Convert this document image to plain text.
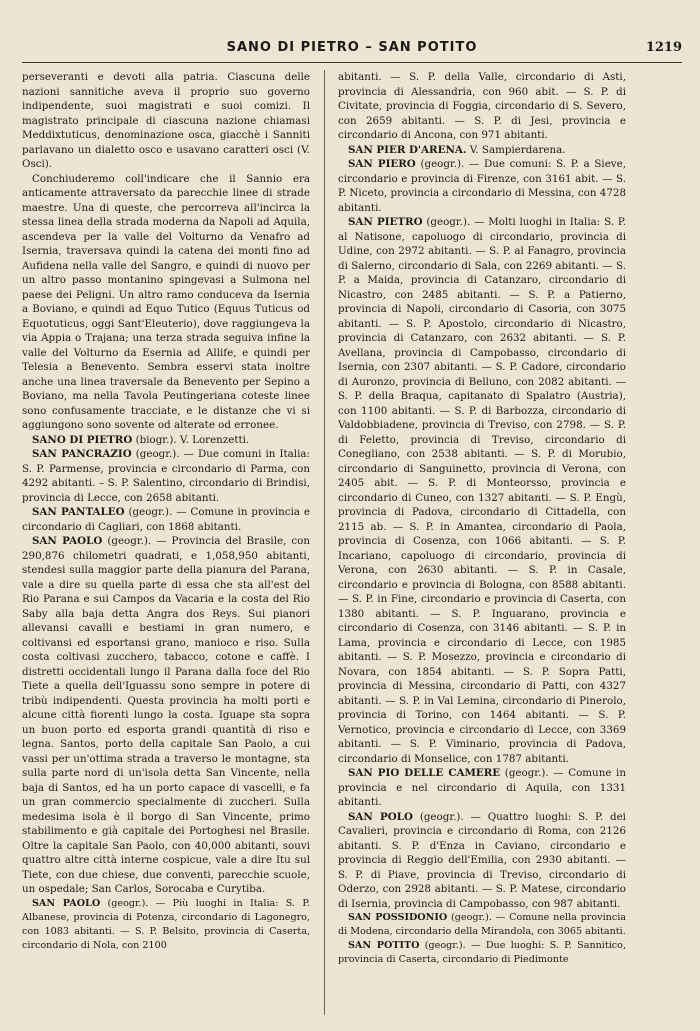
SANO DI PIETRO – SAN POTITO	1219

perseveranti e devoti alla patria. Ciascuna delle nazioni sannitiche aveva il proprio suo governo indipendente, suoi magistrati e suoi comizi. Il magistrato principale di ciascuna nazione chiamasi Meddixtuticus, denominazione osca, giacchè i Sanniti parlavano un dialetto osco e usavano caratteri osci (V. Osci).

Conchiuderemo coll'indicare che il Sannio era anticamente attraversato da parecchie linee di strade maestre. Una di queste, che percorreva all'incirca la stessa linea della strada moderna da Napoli ad Aquila, ascendeva per la valle del Volturno da Venafro ad Isernia, traversava quindi la catena dei monti fino ad Aufidena nella valle del Sangro, e quindi di nuovo per un altro passo montanino spingevasi a Sulmona nel paese dei Peligni. Un altro ramo conduceva da Isernia a Boviano, e quindi ad Equo Tutico (Equus Tuticus od Equotuticus, oggi Sant'Eleuterio), dove raggiungeva la via Appia o Trajana; una terza strada seguiva infine la valle del Volturno da Esernia ad Allife, e quindi per Telesia a Benevento. Sembra esservi stata inoltre anche una linea traversale da Benevento per Sepino a Boviano, ma nella Tavola Peutingeriana coteste linee sono confusamente tracciate, e le distanze che vi si aggiungono sono sovente od alterate od erronee.

SANO DI PIETRO (biogr.). V. Lorenzetti.

SAN PANCRAZIO (geogr.). — Due comuni in Italia: S. P. Parmense, provincia e circondario di Parma, con 4292 abitanti. – S. P. Salentino, circondario di Brindisi, provincia di Lecce, con 2658 abitanti.

SAN PANTALEO (geogr.). — Comune in provincia e circondario di Cagliari, con 1868 abitanti.

SAN PAOLO (geogr.). — Provincia del Brasile, con 290,876 chilometri quadrati, e 1,058,950 abitanti, stendesi sulla maggior parte della pianura del Parana, vale a dire su quella parte di essa che sta all'est del Rio Parana e sui Campos da Vacaria e la costa del Rio Saby alla baja detta Angra dos Reys. Sui pianori allevansi cavalli e bestiami in gran numero, e coltivansi ed esportansi grano, manioco e riso. Sulla costa coltivasi zucchero, tabacco, cotone e caffè. I distretti occidentali lungo il Parana dalla foce del Rio Tiete a quella dell'Iguassu sono sempre in potere di tribù indipendenti. Questa provincia ha molti porti e alcune città fiorenti lungo la costa. Iguape sta sopra un buon porto ed esporta grandi quantità di riso e legna. Santos, porto della capitale San Paolo, a cui vassi per un'ottima strada a traverso le montagne, sta sulla parte nord di un'isola detta San Vincente, nella baja di Santos, ed ha un porto capace di vascelli, e fa un gran commercio specialmente di zuccheri. Sulla medesima isola è il borgo di San Vincente, primo stabilimento e già capitale dei Portoghesi nel Brasile. Oltre la capitale San Paolo, con 40,000 abitanti, souvi quattro altre città interne cospicue, vale a dire Itu sul Tiete, con due chiese, due conventi, parecchie scuole, un ospedale; San Carlos, Sorocaba e Curytiba.

SAN PAOLO (geogr.). — Più luoghi in Italia: S. P. Albanese, provincia di Potenza, circondario di Lagonegro, con 1083 abitanti. — S. P. Belsito, provincia di Caserta, circondario di Nola, con 2100

abitanti. — S. P. della Valle, circondario di Asti, provincia di Alessandria, con 960 abit. — S. P. di Civitate, provincia di Foggia, circondario di S. Severo, con 2659 abitanti. — S. P. di Jesi, provincia e circondario di Ancona, con 971 abitanti.

SAN PIER D'ARENA. V. Sampierdarena.

SAN PIERO (geogr.). — Due comuni: S. P. a Sieve, circondario e provincia di Firenze, con 3161 abit. — S. P. Niceto, provincia a circondario di Messina, con 4728 abitanti.

SAN PIETRO (geogr.). — Molti luoghi in Italia: S. P. al Natisone, capoluogo di circondario, provincia di Udine, con 2972 abitanti. — S. P. al Fanagro, provincia di Salerno, circondario di Sala, con 2269 abitanti. — S. P. a Maida, provincia di Catanzaro, circondario di Nicastro, con 2485 abitanti. — S. P. a Patierno, provincia di Napoli, circondario di Casoria, con 3075 abitanti. — S. P. Apostolo, circondario di Nicastro, provincia di Catanzaro, con 2632 abitanti. — S. P. Avellana, provincia di Campobasso, circondario di Isernia, con 2307 abitanti. — S. P. Cadore, circondario di Auronzo, provincia di Belluno, con 2082 abitanti. — S. P. della Braqua, capitanato di Spalatro (Austria), con 1100 abitanti. — S. P. di Barbozza, circondario di Valdobbiadene, provincia di Treviso, con 2798. — S. P. di Feletto, provincia di Treviso, circondario di Conegliano, con 2538 abitanti. — S. P. di Morubio, circondario di Sanguinetto, provincia di Verona, con 2405 abit. — S. P. di Monteorsso, provincia e circondario di Cuneo, con 1327 abitanti. — S. P. Engù, provincia di Padova, circondario di Cittadella, con 2115 ab. — S. P. in Amantea, circondario di Paola, provincia di Cosenza, con 1066 abitanti. — S. P. Incariano, capoluogo di circondario, provincia di Verona, con 2630 abitanti. — S. P. in Casale, circondario e provincia di Bologna, con 8588 abitanti. — S. P. in Fine, circondario e provincia di Caserta, con 1380 abitanti. — S. P. Inguarano, provincia e circondario di Cosenza, con 3146 abitanti. — S. P. in Lama, provincia e circondario di Lecce, con 1985 abitanti. — S. P. Mosezzo, provincia e circondario di Novara, con 1854 abitanti. — S. P. Sopra Patti, provincia di Messina, circondario di Patti, con 4327 abitanti. — S. P. in Val Lemina, circondario di Pinerolo, provincia di Torino, con 1464 abitanti. — S. P. Vernotico, provincia e circondario di Lecce, con 3369 abitanti. — S. P. Viminario, provincia di Padova, circondario di Monselice, con 1787 abitanti.

SAN PIO DELLE CAMERE (geogr.). — Comune in provincia e nel circondario di Aquila, con 1331 abitanti.

SAN POLO (geogr.). — Quattro luoghi: S. P. dei Cavalieri, provincia e circondario di Roma, con 2126 abitanti. S. P. d'Enza in Caviano, circondario e provincia di Reggio dell'Emilia, con 2930 abitanti. — S. P. di Piave, provincia di Treviso, circondario di Oderzo, con 2928 abitanti. — S. P. Matese, circondario di Isernia, provincia di Campobasso, con 987 abitanti.

SAN POSSIDONIO (geogr.). — Comune nella provincia di Modena, circondario della Mirandola, con 3065 abitanti.

SAN POTITO (geogr.). — Due luoghi: S. P. Sannitico, provincia di Caserta, circondario di Piedimonte
